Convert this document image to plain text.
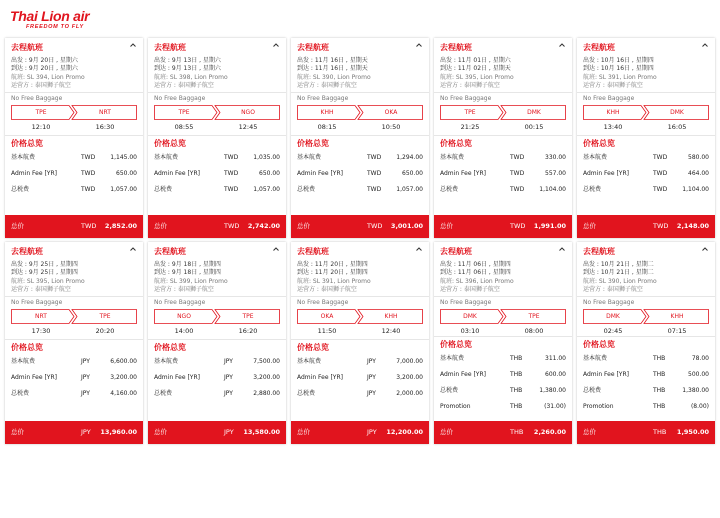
Thai Lion air
FREEDOM TO FLY
去程航班
出发 : 9月 20日 , 星期六
到达 : 9月 20日 , 星期六
航班: SL 394, Lion Promo
运营方 : 泰国狮子航空
No Free Baggage
TPE	NRT
12:10	16:30
价格总览
基本航费	TWD	1,145.00
Admin Fee [YR]	TWD	650.00
总税费	TWD	1,057.00
总价	TWD 2,852.00
去程航班
出发 : 9月 13日 , 星期六
到达 : 9月 13日 , 星期六
航班: SL 398, Lion Promo
运营方 : 泰国狮子航空
No Free Baggage
TPE	NGO
08:55	12:45
价格总览
基本航费	TWD	1,035.00
Admin Fee [YR]	TWD	650.00
总税费	TWD	1,057.00
总价	TWD 2,742.00
去程航班
出发 : 11月 16日 , 星期天
到达 : 11月 16日 , 星期天
航班: SL 390, Lion Promo
运营方 : 泰国狮子航空
No Free Baggage
KHH	OKA
08:15	10:50
价格总览
基本航费	TWD	1,294.00
Admin Fee [YR]	TWD	650.00
总税费	TWD	1,057.00
总价	TWD 3,001.00
去程航班
出发 : 11月 01日 , 星期六
到达 : 11月 02日 , 星期天
航班: SL 395, Lion Promo
运营方 : 泰国狮子航空
No Free Baggage
TPE	DMK
21:25	00:15
价格总览
基本航费	TWD	330.00
Admin Fee [YR]	TWD	557.00
总税费	TWD	1,104.00
总价	TWD 1,991.00
去程航班
出发 : 10月 16日 , 星期四
到达 : 10月 16日 , 星期四
航班: SL 391, Lion Promo
运营方 : 泰国狮子航空
No Free Baggage
KHH	DMK
13:40	16:05
价格总览
基本航费	TWD	580.00
Admin Fee [YR]	TWD	464.00
总税费	TWD	1,104.00
总价	TWD 2,148.00
去程航班
出发 : 9月 25日 , 星期四
到达 : 9月 25日 , 星期四
航班: SL 395, Lion Promo
运营方 : 泰国狮子航空
No Free Baggage
NRT	TPE
17:30	20:20
价格总览
基本航费	JPY	6,600.00
Admin Fee [YR]	JPY	3,200.00
总税费	JPY	4,160.00
总价	JPY 13,960.00
去程航班
出发 : 9月 18日 , 星期四
到达 : 9月 18日 , 星期四
航班: SL 399, Lion Promo
运营方 : 泰国狮子航空
No Free Baggage
NGO	TPE
14:00	16:20
价格总览
基本航费	JPY	7,500.00
Admin Fee [YR]	JPY	3,200.00
总税费	JPY	2,880.00
总价	JPY 13,580.00
去程航班
出发 : 11月 20日 , 星期四
到达 : 11月 20日 , 星期四
航班: SL 391, Lion Promo
运营方 : 泰国狮子航空
No Free Baggage
OKA	KHH
11:50	12:40
价格总览
基本航费	JPY	7,000.00
Admin Fee [YR]	JPY	3,200.00
总税费	JPY	2,000.00
总价	JPY 12,200.00
去程航班
出发 : 11月 06日 , 星期四
到达 : 11月 06日 , 星期四
航班: SL 396, Lion Promo
运营方 : 泰国狮子航空
No Free Baggage
DMK	TPE
03:10	08:00
价格总览
基本航费	THB	311.00
Admin Fee [YR]	THB	600.00
总税费	THB	1,380.00
Promotion	THB	(31.00)
总价	THB 2,260.00
去程航班
出发 : 10月 21日 , 星期二
到达 : 10月 21日 , 星期二
航班: SL 390, Lion Promo
运营方 : 泰国狮子航空
No Free Baggage
DMK	KHH
02:45	07:15
价格总览
基本航费	THB	78.00
Admin Fee [YR]	THB	500.00
总税费	THB	1,380.00
Promotion	THB	(8.00)
总价	THB 1,950.00
